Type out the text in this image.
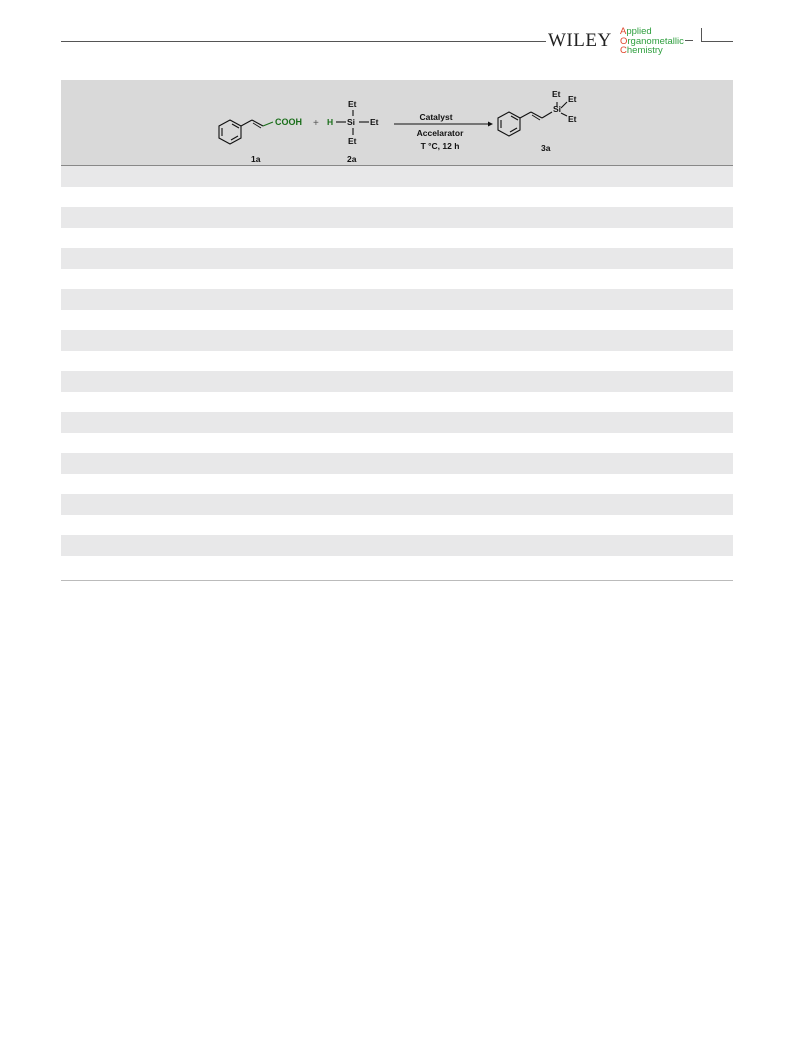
WILEY Applied
Organometallic
Chemistry
COOH
1a
+ H Si
Et
Et
Et
2a
Catalyst
Accelarator
T °C, 12 h
Si
Et Et
Et
3a
